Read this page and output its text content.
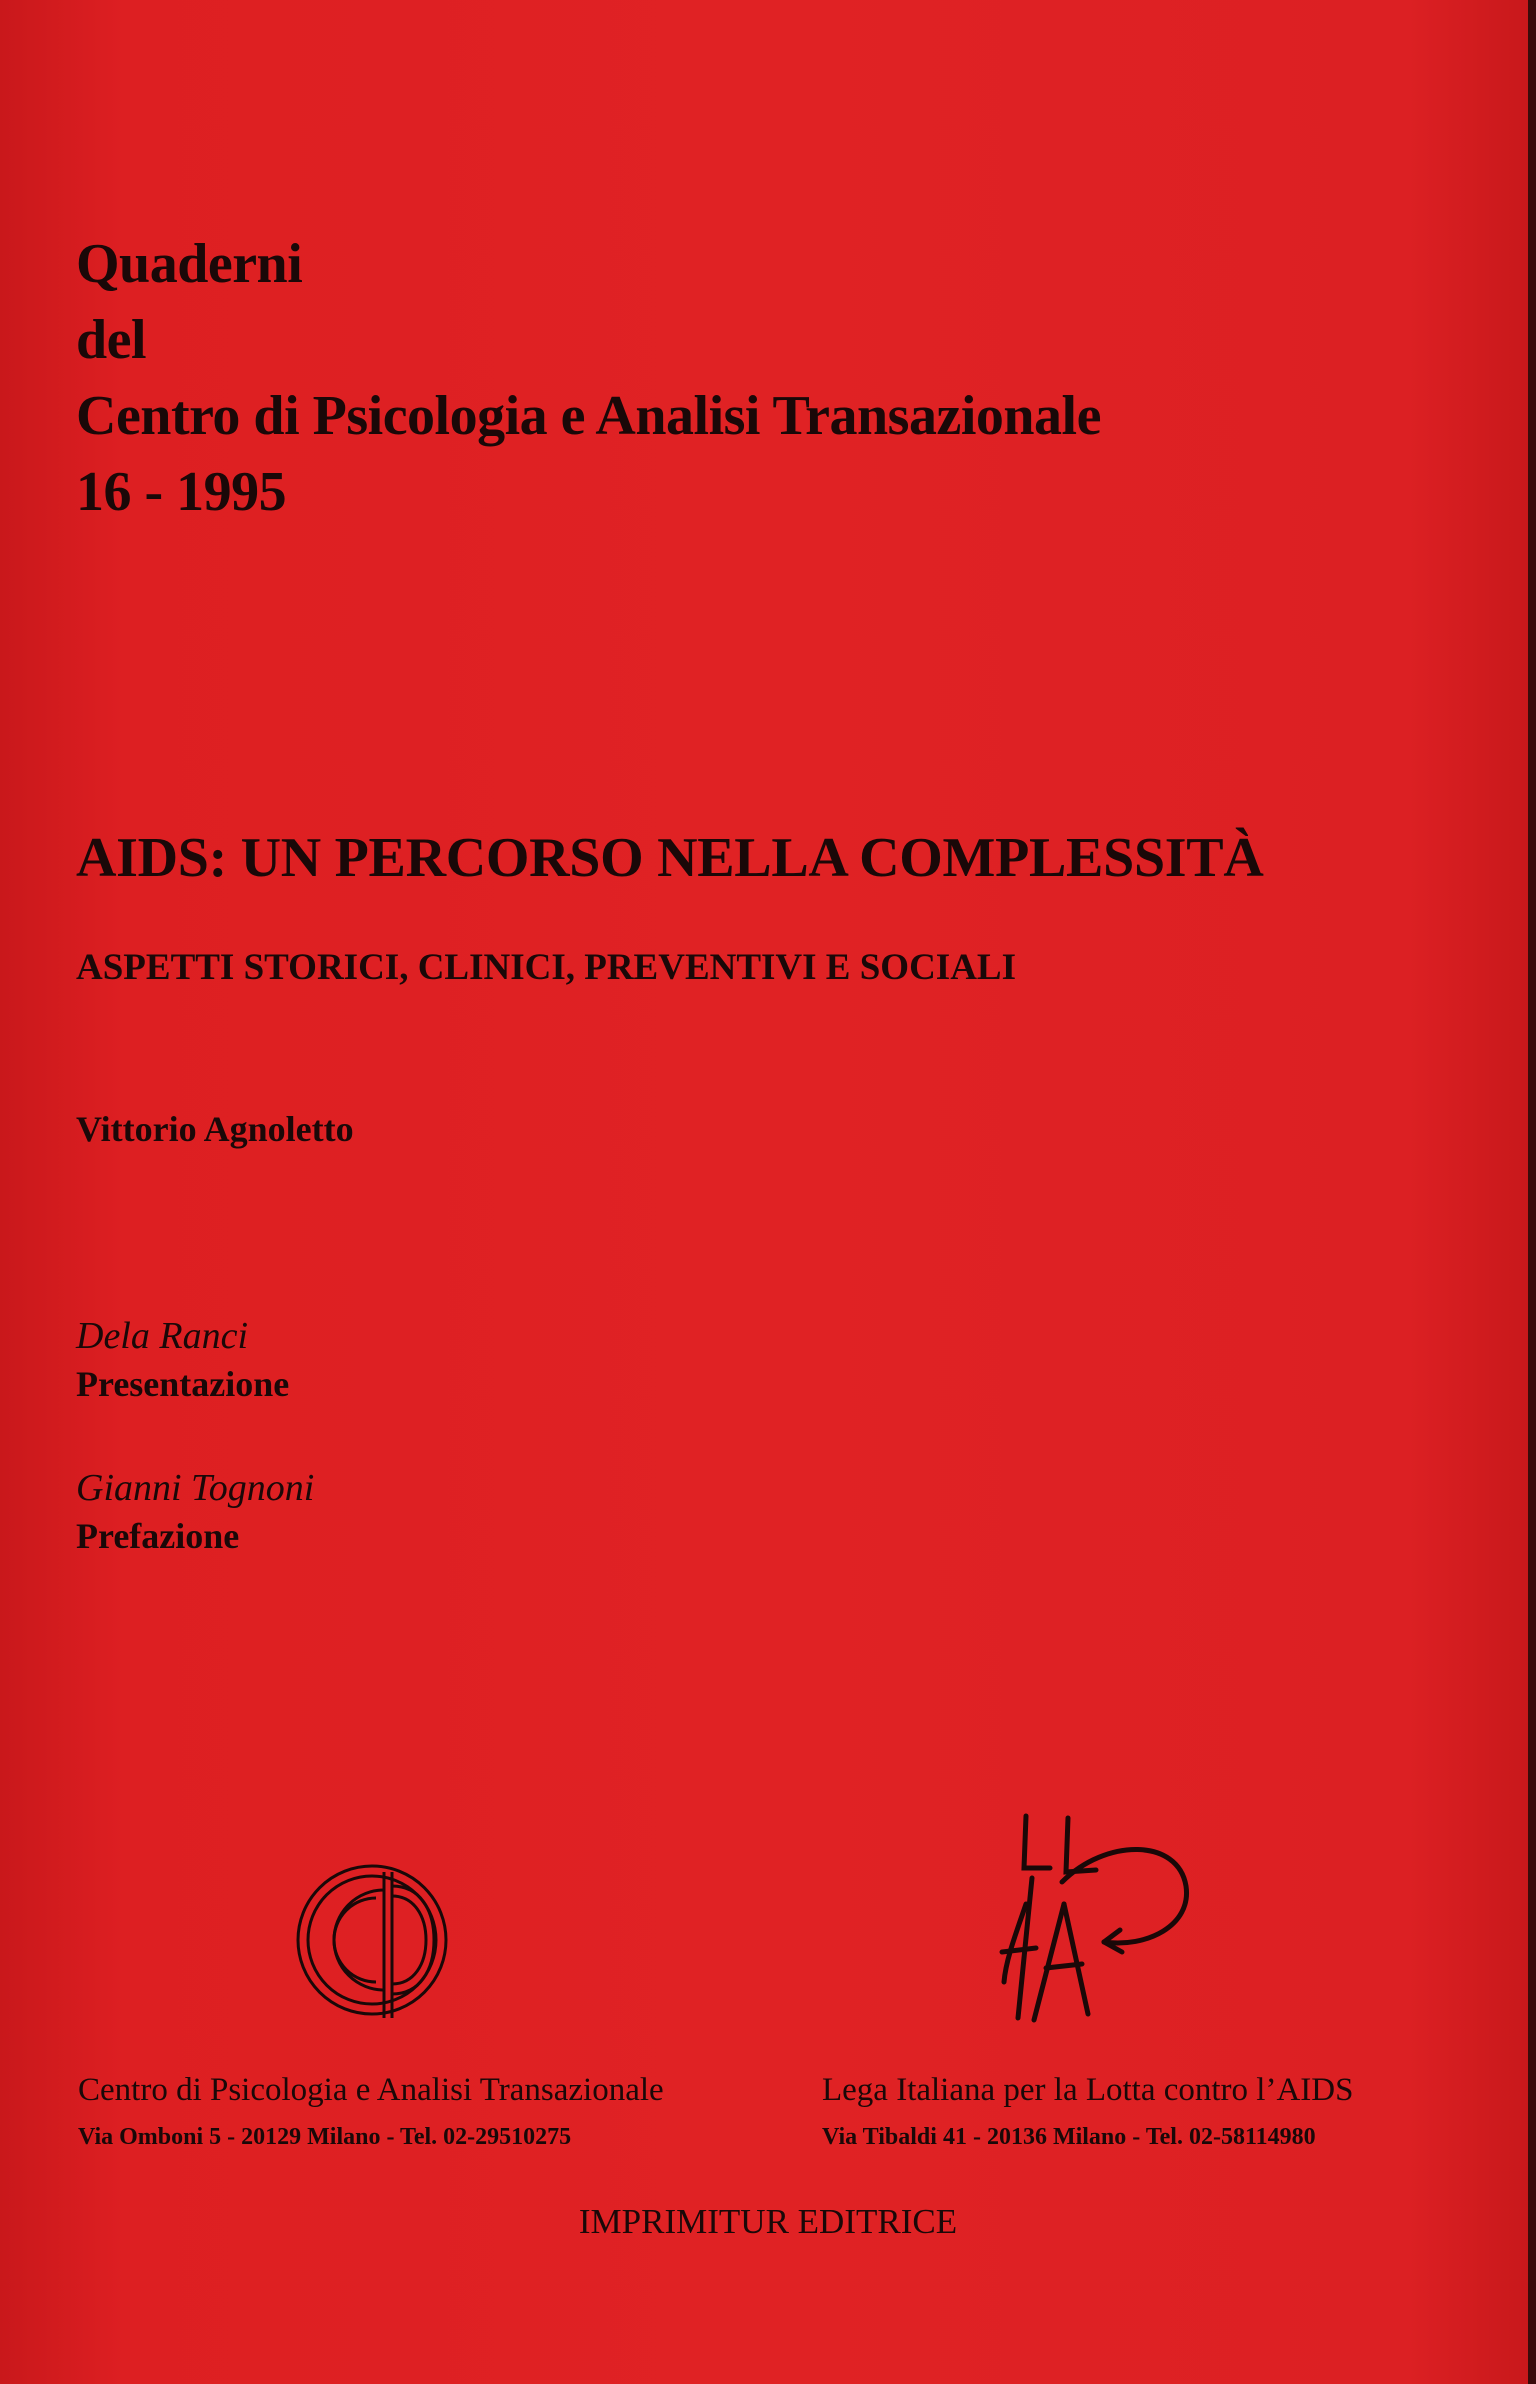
Quaderni
del
Centro di Psicologia e Analisi Transazionale
16 - 1995
AIDS: UN PERCORSO NELLA COMPLESSITÀ
ASPETTI STORICI, CLINICI, PREVENTIVI E SOCIALI
Vittorio Agnoletto
Dela Ranci
Presentazione
Gianni Tognoni
Prefazione
Centro di Psicologia e Analisi Transazionale
Via Omboni 5 - 20129 Milano - Tel. 02-29510275
Lega Italiana per la Lotta contro l’AIDS
Via Tibaldi 41 - 20136 Milano - Tel. 02-58114980
IMPRIMITUR EDITRICE
